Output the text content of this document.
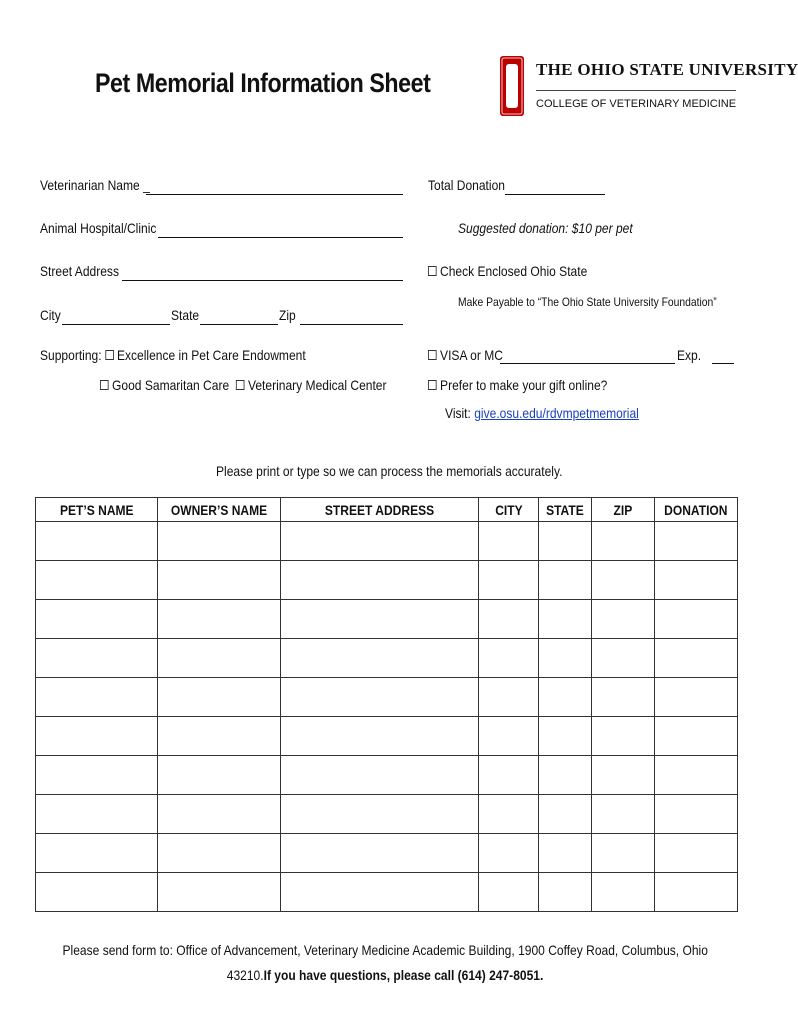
Pet Memorial Information Sheet	THE OHIO STATE UNIVERSITY
COLLEGE OF VETERINARY MEDICINE
Veterinarian Name _
Animal Hospital/Clinic
Street Address
City	State	Zip
Supporting: Excellence in Pet Care Endowment
Good Samaritan Care Veterinary Medical Center
Total Donation
Suggested donation: $10 per pet
Check Enclosed Ohio State
Make Payable to “The Ohio State University Foundation”
VISA or MC	Exp.
Prefer to make your gift online?
Visit: give.osu.edu/rdvmpetmemorial
Please print or type so we can process the memorials accurately.
PET’S NAME	OWNER’S NAME	STREET ADDRESS	CITY	STATE	ZIP	DONATION

Please send form to: Office of Advancement, Veterinary Medicine Academic Building, 1900 Coffey Road, Columbus, Ohio
43210.If you have questions, please call (614) 247-8051.
